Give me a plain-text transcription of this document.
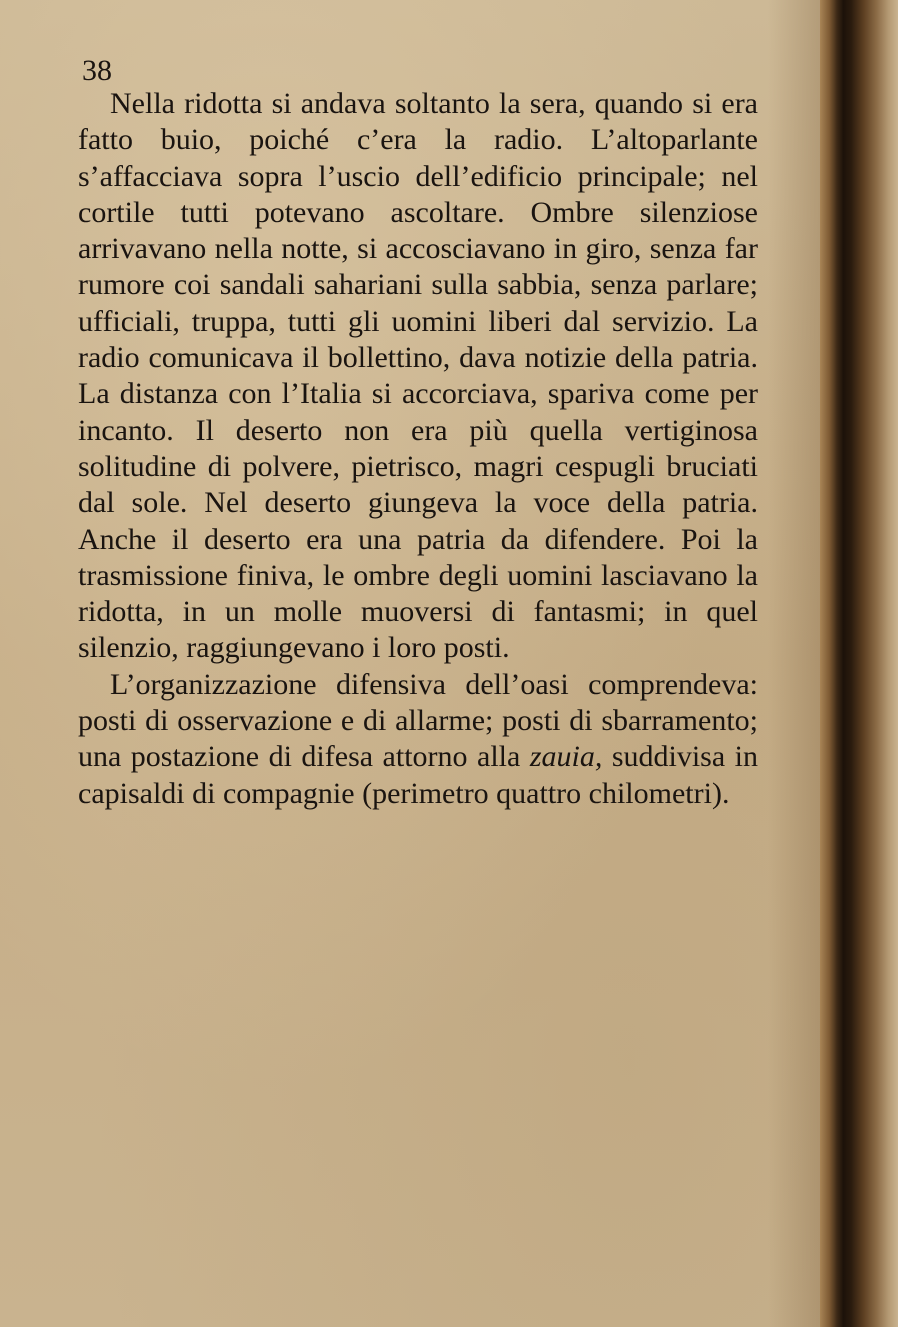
38

Nella ridotta si andava soltanto la sera, quando si era fatto buio, poiché c’era la radio. L’altoparlante s’affacciava sopra l’uscio dell’edificio principale; nel cortile tutti potevano ascoltare. Ombre silenziose arrivavano nella notte, si accosciavano in giro, senza far rumore coi sandali sahariani sulla sabbia, senza parlare; ufficiali, truppa, tutti gli uomini liberi dal servizio. La radio comunicava il bollettino, dava notizie della patria. La distanza con l’Italia si accorciava, spariva come per incanto. Il deserto non era più quella vertiginosa solitudine di polvere, pietrisco, magri cespugli bruciati dal sole. Nel deserto giungeva la voce della patria. Anche il deserto era una patria da difendere. Poi la trasmissione finiva, le ombre degli uomini lasciavano la ridotta, in un molle muoversi di fantasmi; in quel silenzio, raggiungevano i loro posti.

L’organizzazione difensiva dell’oasi comprendeva: posti di osservazione e di allarme; posti di sbarramento; una postazione di difesa attorno alla zauia, suddivisa in capisaldi di compagnie (perimetro quattro chilometri).
